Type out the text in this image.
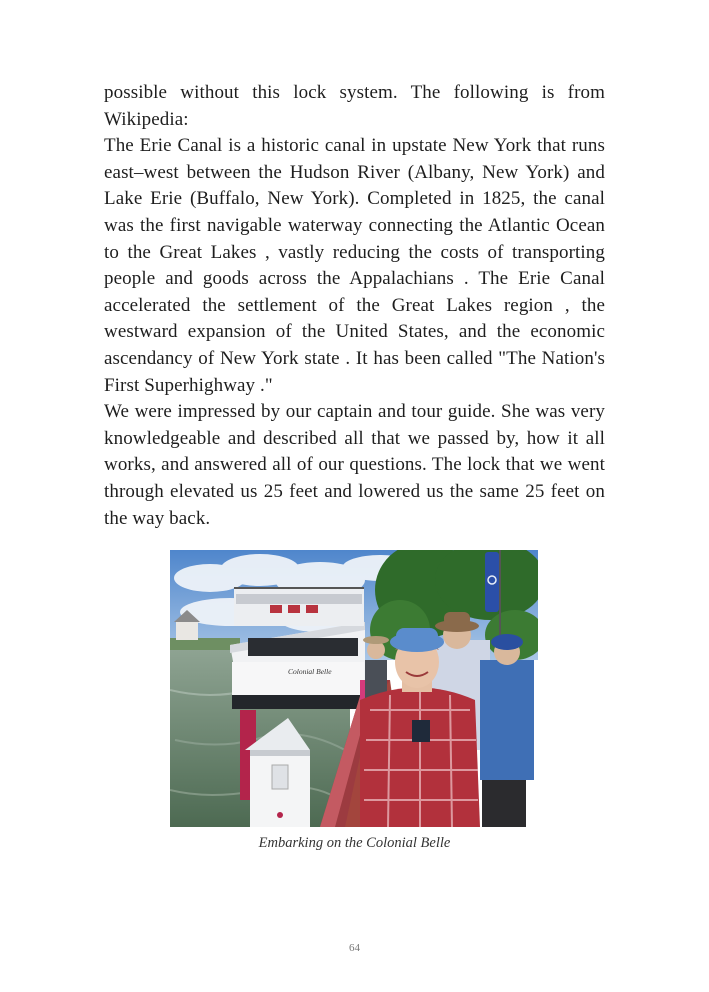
possible without this lock system. The following is from Wikipedia:

The Erie Canal is a historic canal in upstate New York that runs east–west between the Hudson River (Albany, New York) and Lake Erie (Buffalo, New York). Completed in 1825, the canal was the first navigable waterway connecting the Atlantic Ocean to the Great Lakes , vastly reducing the costs of transporting people and goods across the Appalachians . The Erie Canal accelerated the settlement of the Great Lakes region , the westward expansion of the United States, and the economic ascendancy of New York state . It has been called "The Nation's First Superhighway ."

We were impressed by our captain and tour guide. She was very knowledgeable and described all that we passed by, how it all works, and answered all of our questions. The lock that we went through elevated us 25 feet and lowered us the same 25 feet on the way back.

Colonial Belle
Embarking on the Colonial Belle
64
